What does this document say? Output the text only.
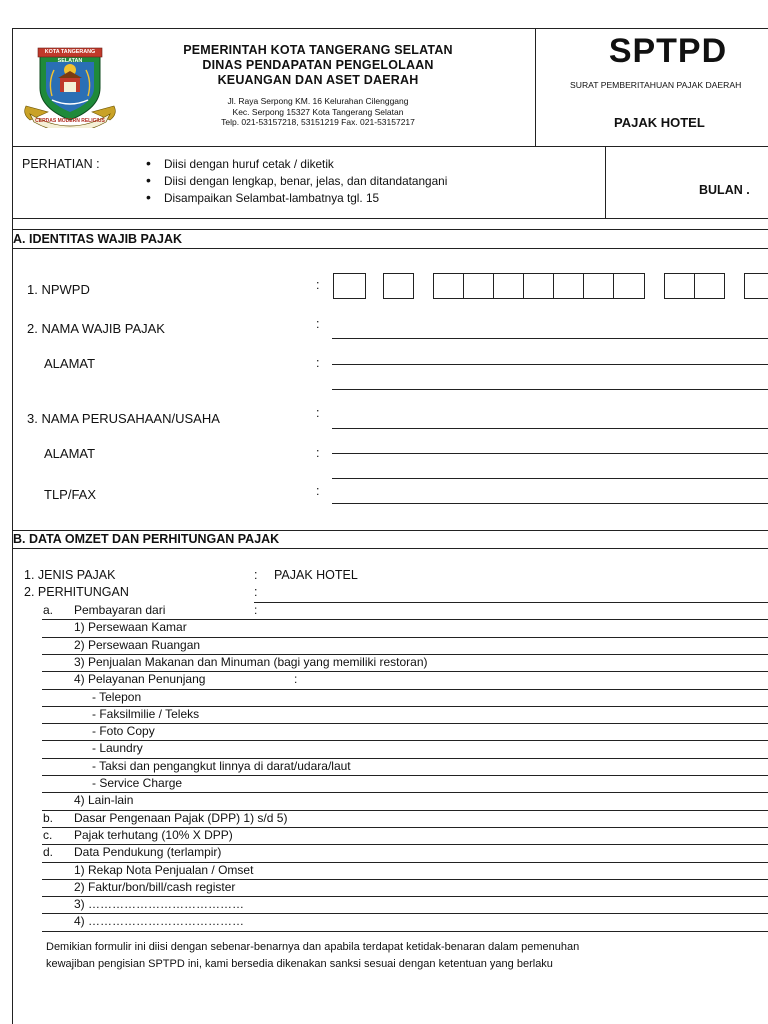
KOTA TANGERANG SELATAN
CERDAS MODERN RELIGIUS
PEMERINTAH KOTA TANGERANG SELATAN
DINAS PENDAPATAN PENGELOLAAN
KEUANGAN DAN ASET DAERAH
Jl. Raya Serpong KM. 16 Kelurahan Cilenggang
Kec. Serpong 15327 Kota Tangerang Selatan
Telp. 021-53157218, 53151219 Fax. 021-53157217
SPTPD
SURAT PEMBERITAHUAN PAJAK DAERAH
PAJAK HOTEL
PERHATIAN :
•	Diisi dengan huruf cetak / diketik
• Diisi dengan lengkap, benar, jelas, dan ditandatangani
• Disampaikan Selambat-lambatnya tgl. 15
BULAN .
A. IDENTITAS WAJIB PAJAK
1. NPWPD	:
2. NAMA WAJIB PAJAK	:
ALAMAT	:
3. NAMA PERUSAHAAN/USAHA	:
ALAMAT	:
TLP/FAX	:
B. DATA OMZET DAN PERHITUNGAN PAJAK
1. JENIS PAJAK	: PAJAK HOTEL
2. PERHITUNGAN	:
a. Pembayaran dari	:
1) Persewaan Kamar
2) Persewaan Ruangan
3) Penjualan Makanan dan Minuman (bagi yang memiliki restoran)
4) Pelayanan Penunjang	:
- Telepon
- Faksilmilie / Teleks
- Foto Copy
- Laundry
- Taksi dan pengangkut linnya di darat/udara/laut
- Service Charge
4) Lain-lain
b. Dasar Pengenaan Pajak (DPP) 1) s/d 5)
c. Pajak terhutang (10% X DPP)
d. Data Pendukung (terlampir)
1) Rekap Nota Penjualan / Omset
2) Faktur/bon/bill/cash register
3) …………………………………
4) …………………………………
Demikian formulir ini diisi dengan sebenar-benarnya dan apabila terdapat ketidak-benaran dalam pemenuhan
kewajiban pengisian SPTPD ini, kami bersedia dikenakan sanksi sesuai dengan ketentuan yang berlaku
